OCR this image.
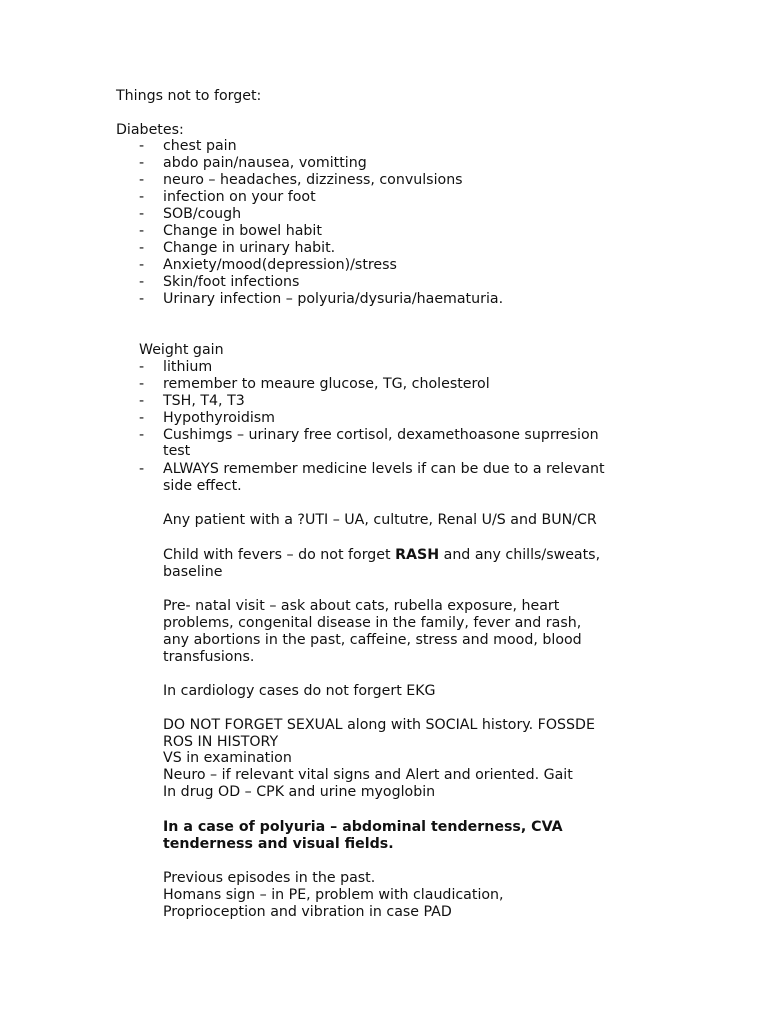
Things not to forget:
Diabetes:
- chest pain
- abdo pain/nausea, vomitting
- neuro – headaches, dizziness, convulsions
- infection on your foot
- SOB/cough
- Change in bowel habit
- Change in urinary habit.
- Anxiety/mood(depression)/stress
- Skin/foot infections
- Urinary infection – polyuria/dysuria/haematuria.
Weight gain
- lithium
- remember to meaure glucose, TG, cholesterol
- TSH, T4, T3
- Hypothyroidism
- Cushimgs – urinary free cortisol, dexamethoasone suprresion
test
- ALWAYS remember medicine levels if can be due to a relevant
side effect.
Any patient with a ?UTI – UA, cultutre, Renal U/S and BUN/CR
Child with fevers – do not forget RASH and any chills/sweats,
baseline
Pre- natal visit – ask about cats, rubella exposure, heart
problems, congenital disease in the family, fever and rash,
any abortions in the past, caffeine, stress and mood, blood
transfusions.
In cardiology cases do not forgert EKG
DO NOT FORGET SEXUAL along with SOCIAL history. FOSSDE
ROS IN HISTORY
VS in examination
Neuro – if relevant vital signs and Alert and oriented. Gait
In drug OD – CPK and urine myoglobin
In a case of polyuria – abdominal tenderness, CVA
tenderness and visual fields.
Previous episodes in the past.
Homans sign – in PE, problem with claudication,
Proprioception and vibration in case PAD
